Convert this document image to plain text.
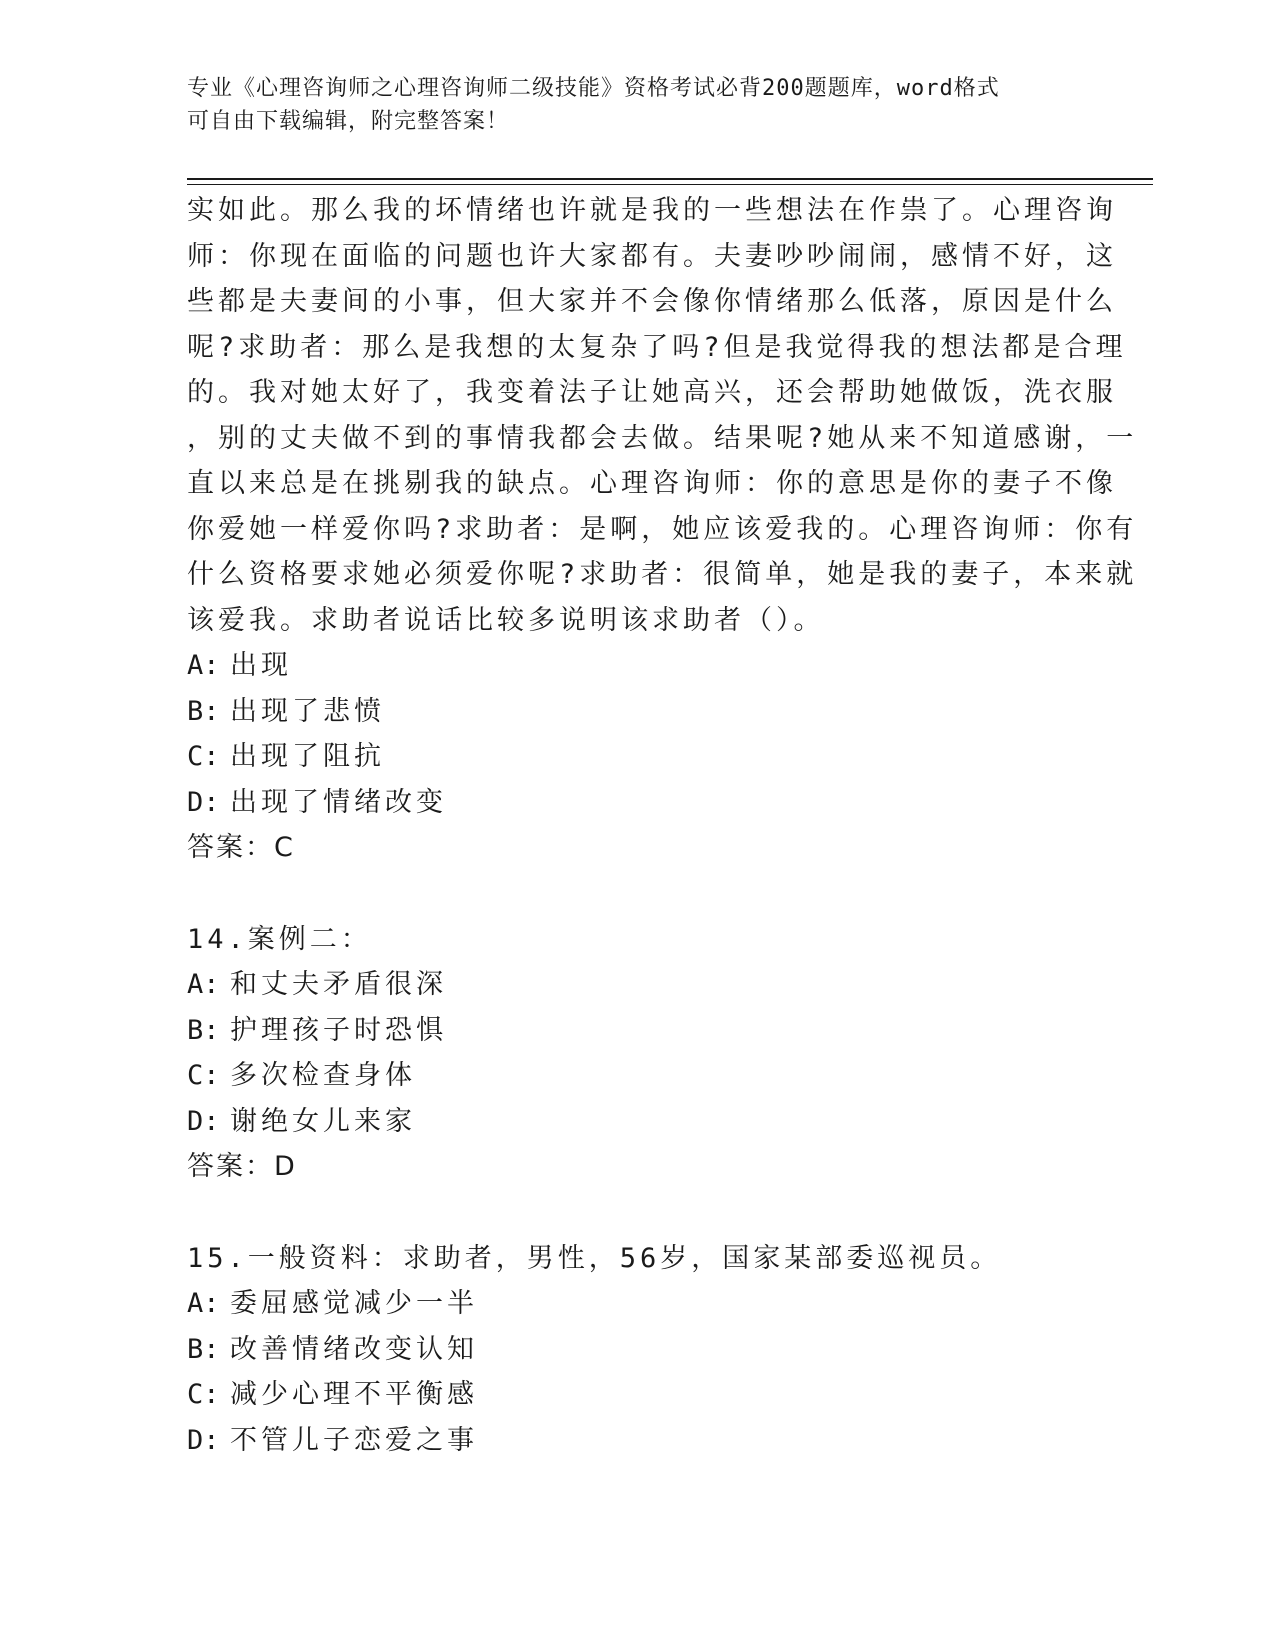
专业《心理咨询师之心理咨询师二级技能》资格考试必背200题题库，word格式
可自由下载编辑，附完整答案！
实如此。那么我的坏情绪也许就是我的一些想法在作祟了。心理咨询
师：你现在面临的问题也许大家都有。夫妻吵吵闹闹，感情不好，这
些都是夫妻间的小事，但大家并不会像你情绪那么低落，原因是什么
呢?求助者：那么是我想的太复杂了吗?但是我觉得我的想法都是合理
的。我对她太好了，我变着法子让她高兴，还会帮助她做饭，洗衣服
，别的丈夫做不到的事情我都会去做。结果呢?她从来不知道感谢，一
直以来总是在挑剔我的缺点。心理咨询师：你的意思是你的妻子不像
你爱她一样爱你吗?求助者：是啊，她应该爱我的。心理咨询师：你有
什么资格要求她必须爱你呢?求助者：很简单，她是我的妻子，本来就
该爱我。求助者说话比较多说明该求助者（）。
A: 出现
B: 出现了悲愤
C: 出现了阻抗
D: 出现了情绪改变
答案：C
14.案例二：
A: 和丈夫矛盾很深
B: 护理孩子时恐惧
C: 多次检查身体
D: 谢绝女儿来家
答案：D
15.一般资料：求助者，男性，56岁，国家某部委巡视员。
A: 委屈感觉减少一半
B: 改善情绪改变认知
C: 减少心理不平衡感
D: 不管儿子恋爱之事
